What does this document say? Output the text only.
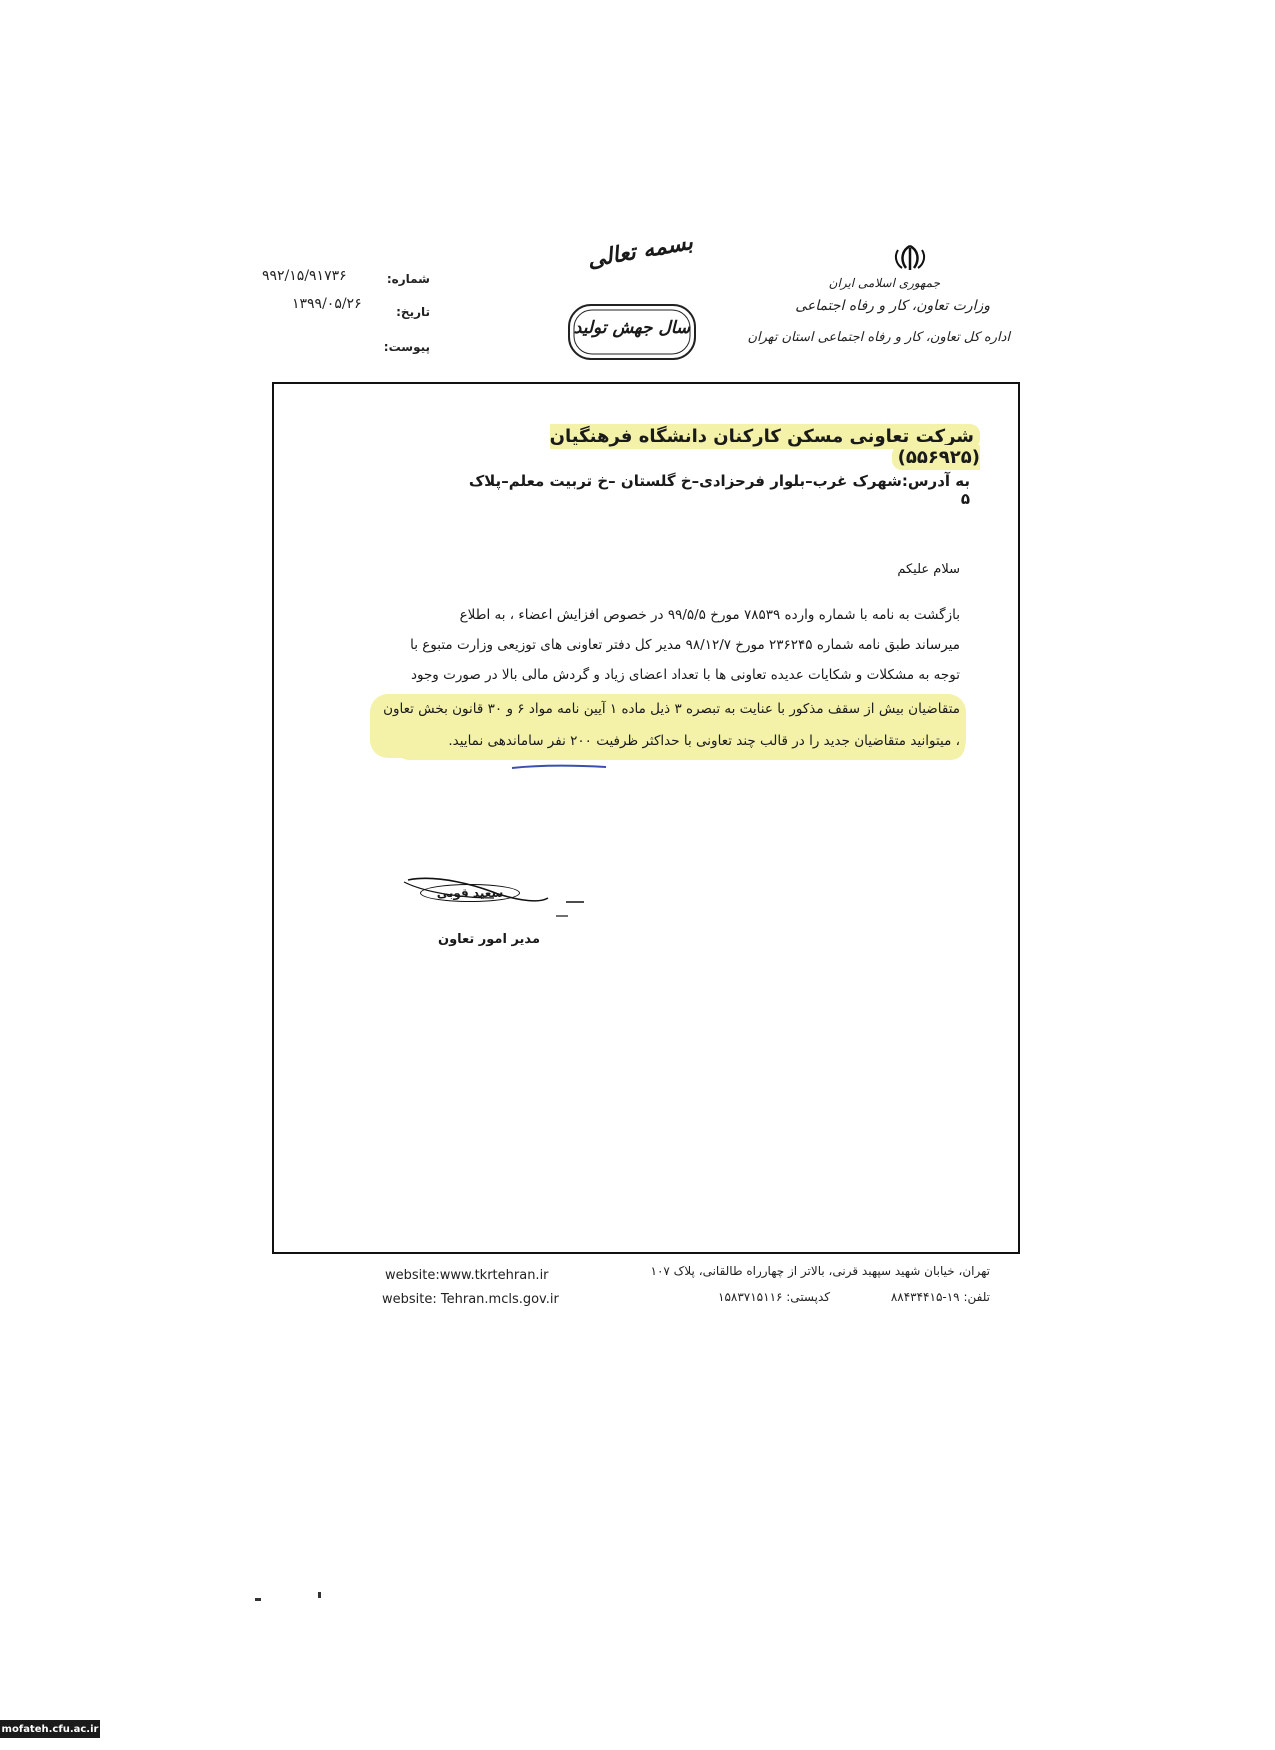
شماره:
۹۹۲/۱۵/۹۱۷۳۶
تاریخ:
۱۳۹۹/۰۵/۲۶
پیوست:
بسمه تعالی
سال جهش تولید
جمهوری اسلامی ایران
وزارت تعاون، کار و رفاه اجتماعی
اداره کل تعاون، کار و رفاه اجتماعی استان تهران
شرکت تعاونی مسکن کارکنان دانشگاه فرهنگیان (۵۵۶۹۲۵)
به آدرس:شهرک غرب–بلوار فرحزادی–خ گلستان –خ تربیت معلم–پلاک ۵
سلام علیکم
بازگشت به نامه با شماره وارده ۷۸۵۳۹ مورخ ۹۹/۵/۵ در خصوص افزایش اعضاء ، به اطلاع
میرساند طبق نامه شماره ۲۳۶۲۴۵ مورخ ۹۸/۱۲/۷ مدیر کل دفتر تعاونی های توزیعی وزارت متبوع با
توجه به مشکلات و شکایات عدیده تعاونی ها با تعداد اعضای زیاد و گردش مالی بالا در صورت وجود
متقاضیان بیش از سقف مذکور با عنایت به تبصره ۳ ذیل ماده ۱ آیین نامه مواد ۶ و ۳۰ قانون بخش تعاون
، میتوانید متقاضیان جدید را در قالب چند تعاونی با حداکثر ظرفیت ۲۰۰ نفر ساماندهی نمایید.
سعید قوبی
مدیر امور تعاون
website:www.tkrtehran.ir
website: Tehran.mcls.gov.ir
تهران، خیابان شهید سپهبد قرنی، بالاتر از چهارراه طالقانی، پلاک ۱۰۷
تلفن: ۱۹-۸۸۴۳۴۴۱۵
کدپستی: ۱۵۸۳۷۱۵۱۱۶
mofateh.cfu.ac.ir
